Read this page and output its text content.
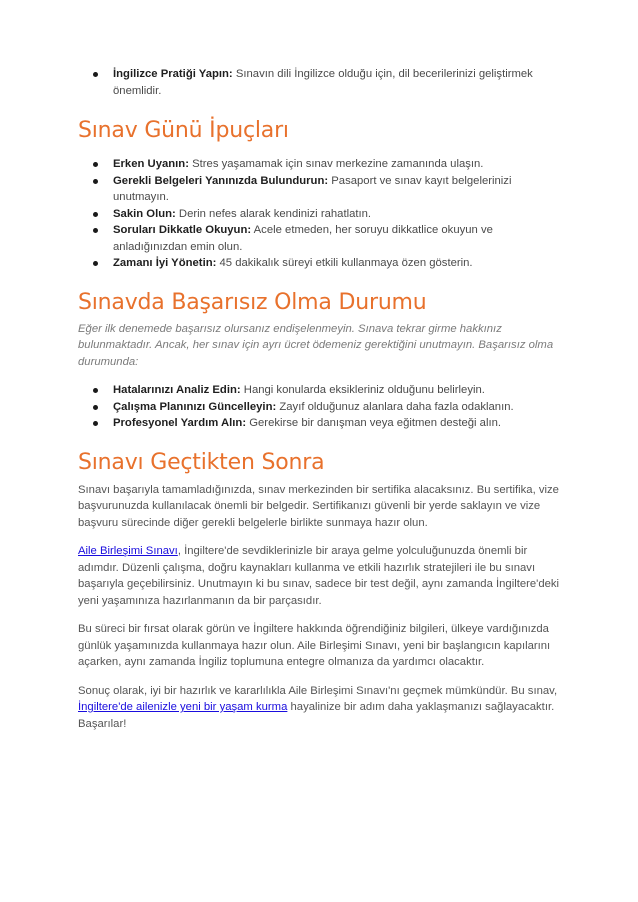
İngilizce Pratiği Yapın: Sınavın dili İngilizce olduğu için, dil becerilerinizi geliştirmek önemlidir.
Sınav Günü İpuçları
Erken Uyanın: Stres yaşamamak için sınav merkezine zamanında ulaşın.
Gerekli Belgeleri Yanınızda Bulundurun: Pasaport ve sınav kayıt belgelerinizi unutmayın.
Sakin Olun: Derin nefes alarak kendinizi rahatlatın.
Soruları Dikkatle Okuyun: Acele etmeden, her soruyu dikkatlice okuyun ve anladığınızdan emin olun.
Zamanı İyi Yönetin: 45 dakikalık süreyi etkili kullanmaya özen gösterin.
Sınavda Başarısız Olma Durumu

Eğer ilk denemede başarısız olursanız endişelenmeyin. Sınava tekrar girme hakkınız bulunmaktadır. Ancak, her sınav için ayrı ücret ödemeniz gerektiğini unutmayın. Başarısız olma durumunda:

Hatalarınızı Analiz Edin: Hangi konularda eksikleriniz olduğunu belirleyin.
Çalışma Planınızı Güncelleyin: Zayıf olduğunuz alanlara daha fazla odaklanın.
Profesyonel Yardım Alın: Gerekirse bir danışman veya eğitmen desteği alın.
Sınavı Geçtikten Sonra

Sınavı başarıyla tamamladığınızda, sınav merkezinden bir sertifika alacaksınız. Bu sertifika, vize başvurunuzda kullanılacak önemli bir belgedir. Sertifikanızı güvenli bir yerde saklayın ve vize başvuru sürecinde diğer gerekli belgelerle birlikte sunmaya hazır olun.

Aile Birleşimi Sınavı, İngiltere'de sevdiklerinizle bir araya gelme yolculuğunuzda önemli bir adımdır. Düzenli çalışma, doğru kaynakları kullanma ve etkili hazırlık stratejileri ile bu sınavı başarıyla geçebilirsiniz. Unutmayın ki bu sınav, sadece bir test değil, aynı zamanda İngiltere'deki yeni yaşamınıza hazırlanmanın da bir parçasıdır.

Bu süreci bir fırsat olarak görün ve İngiltere hakkında öğrendiğiniz bilgileri, ülkeye vardığınızda günlük yaşamınızda kullanmaya hazır olun. Aile Birleşimi Sınavı, yeni bir başlangıcın kapılarını açarken, aynı zamanda İngiliz toplumuna entegre olmanıza da yardımcı olacaktır.

Sonuç olarak, iyi bir hazırlık ve kararlılıkla Aile Birleşimi Sınavı'nı geçmek mümkündür. Bu sınav, İngiltere'de ailenizle yeni bir yaşam kurma hayalinize bir adım daha yaklaşmanızı sağlayacaktır. Başarılar!
